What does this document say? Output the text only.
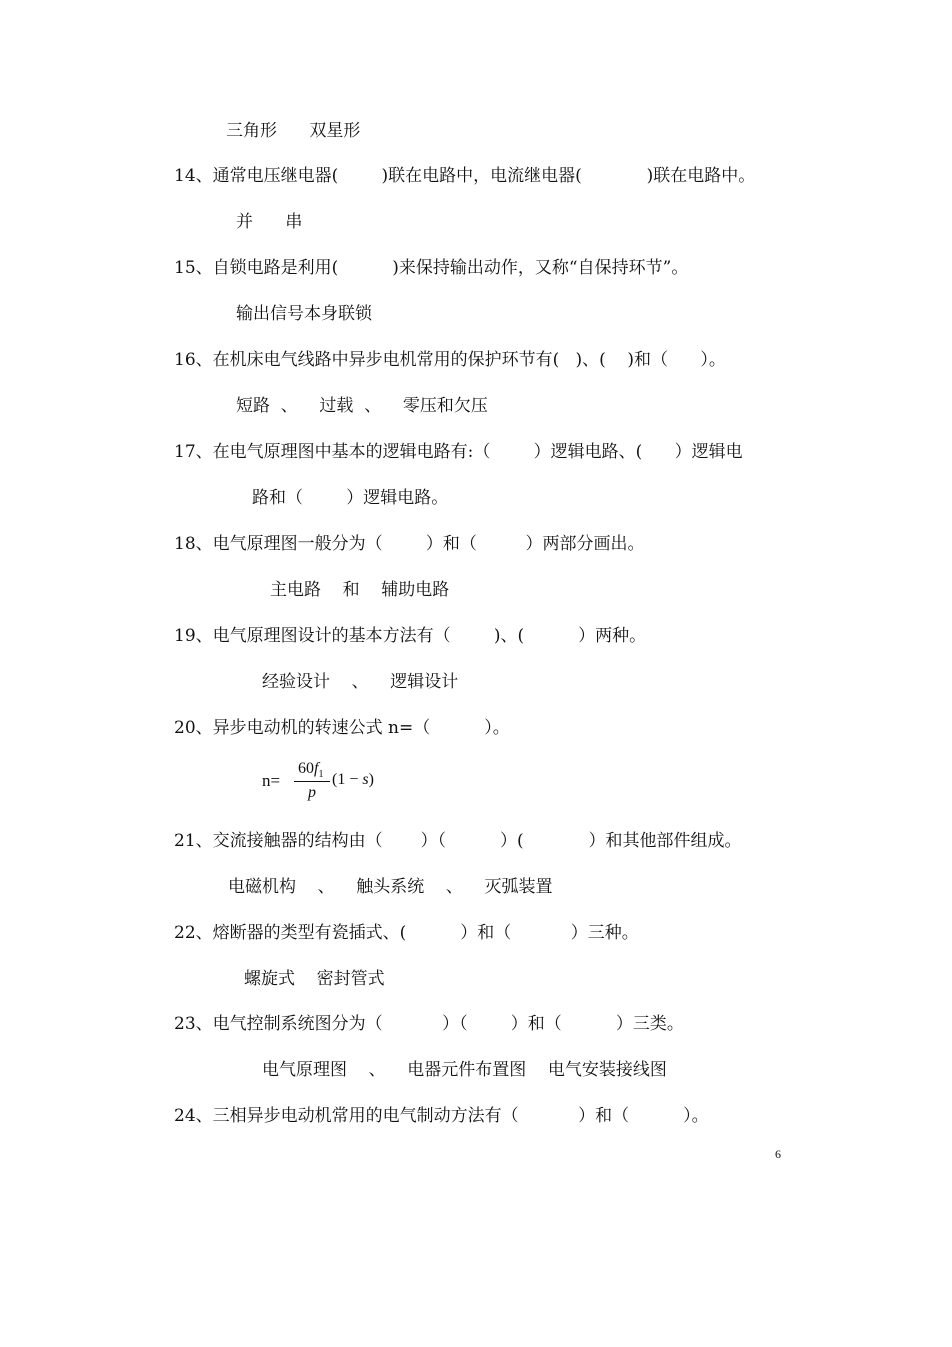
三角形      双星形
14、通常电压继电器(        )联在电路中，电流继电器(            )联在电路中。
并      串
15、自锁电路是利用(          )来保持输出动作，又称“自保持环节”。
输出信号本身联锁
16、在机床电气线路中异步电机常用的保护环节有(   )、(    )和（      ）。
短路  、    过载  、    零压和欠压
17、在电气原理图中基本的逻辑电路有:（        ）逻辑电路、(      ）逻辑电
路和（        ）逻辑电路。
18、电气原理图一般分为（        ）和（         ）两部分画出。
主电路    和    辅助电路
19、电气原理图设计的基本方法有（        )、(          ）两种。
经验设计    、    逻辑设计
20、异步电动机的转速公式 n=（          ）。
n=
$60f_1$
p
(1 − s)
21、交流接触器的结构由（       ）（          ）(            ）和其他部件组成。
电磁机构    、    触头系统    、    灭弧装置
22、熔断器的类型有瓷插式、(          ）和（           ）三种。
螺旋式    密封管式
23、电气控制系统图分为（           ）（        ）和（          ）三类。
电气原理图    、    电器元件布置图    电气安装接线图
24、三相异步电动机常用的电气制动方法有（           ）和（          ）。
6
